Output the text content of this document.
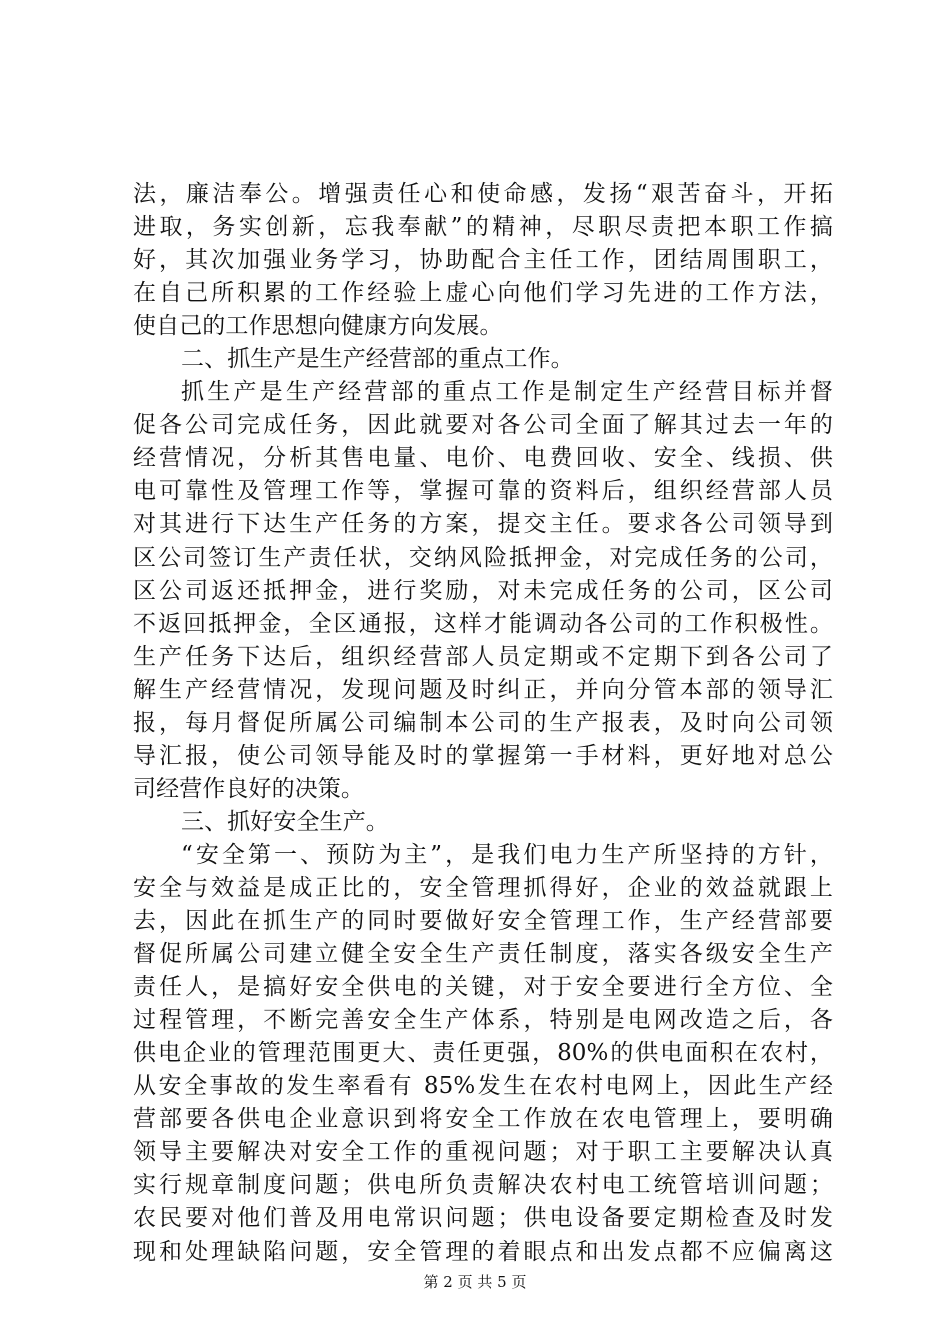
法，廉洁奉公。增强责任心和使命感，发扬“艰苦奋斗，开拓
进取，务实创新，忘我奉献”的精神，尽职尽责把本职工作搞
好，其次加强业务学习，协助配合主任工作，团结周围职工，
在自己所积累的工作经验上虚心向他们学习先进的工作方法，
使自己的工作思想向健康方向发展。
二、抓生产是生产经营部的重点工作。
抓生产是生产经营部的重点工作是制定生产经营目标并督
促各公司完成任务，因此就要对各公司全面了解其过去一年的
经营情况，分析其售电量、电价、电费回收、安全、线损、供
电可靠性及管理工作等，掌握可靠的资料后，组织经营部人员
对其进行下达生产任务的方案，提交主任。要求各公司领导到
区公司签订生产责任状，交纳风险抵押金，对完成任务的公司，
区公司返还抵押金，进行奖励，对未完成任务的公司，区公司
不返回抵押金，全区通报，这样才能调动各公司的工作积极性。
生产任务下达后，组织经营部人员定期或不定期下到各公司了
解生产经营情况，发现问题及时纠正，并向分管本部的领导汇
报，每月督促所属公司编制本公司的生产报表，及时向公司领
导汇报，使公司领导能及时的掌握第一手材料，更好地对总公
司经营作良好的决策。
三、抓好安全生产。
“安全第一、预防为主”，是我们电力生产所坚持的方针，
安全与效益是成正比的，安全管理抓得好，企业的效益就跟上
去，因此在抓生产的同时要做好安全管理工作，生产经营部要
督促所属公司建立健全安全生产责任制度，落实各级安全生产
责任人，是搞好安全供电的关键，对于安全要进行全方位、全
过程管理，不断完善安全生产体系，特别是电网改造之后，各
供电企业的管理范围更大、责任更强，80%的供电面积在农村，
从安全事故的发生率看有 85%发生在农村电网上，因此生产经
营部要各供电企业意识到将安全工作放在农电管理上，要明确
领导主要解决对安全工作的重视问题；对于职工主要解决认真
实行规章制度问题；供电所负责解决农村电工统管培训问题；
农民要对他们普及用电常识问题；供电设备要定期检查及时发
现和处理缺陷问题，安全管理的着眼点和出发点都不应偏离这
第 2 页 共 5 页
